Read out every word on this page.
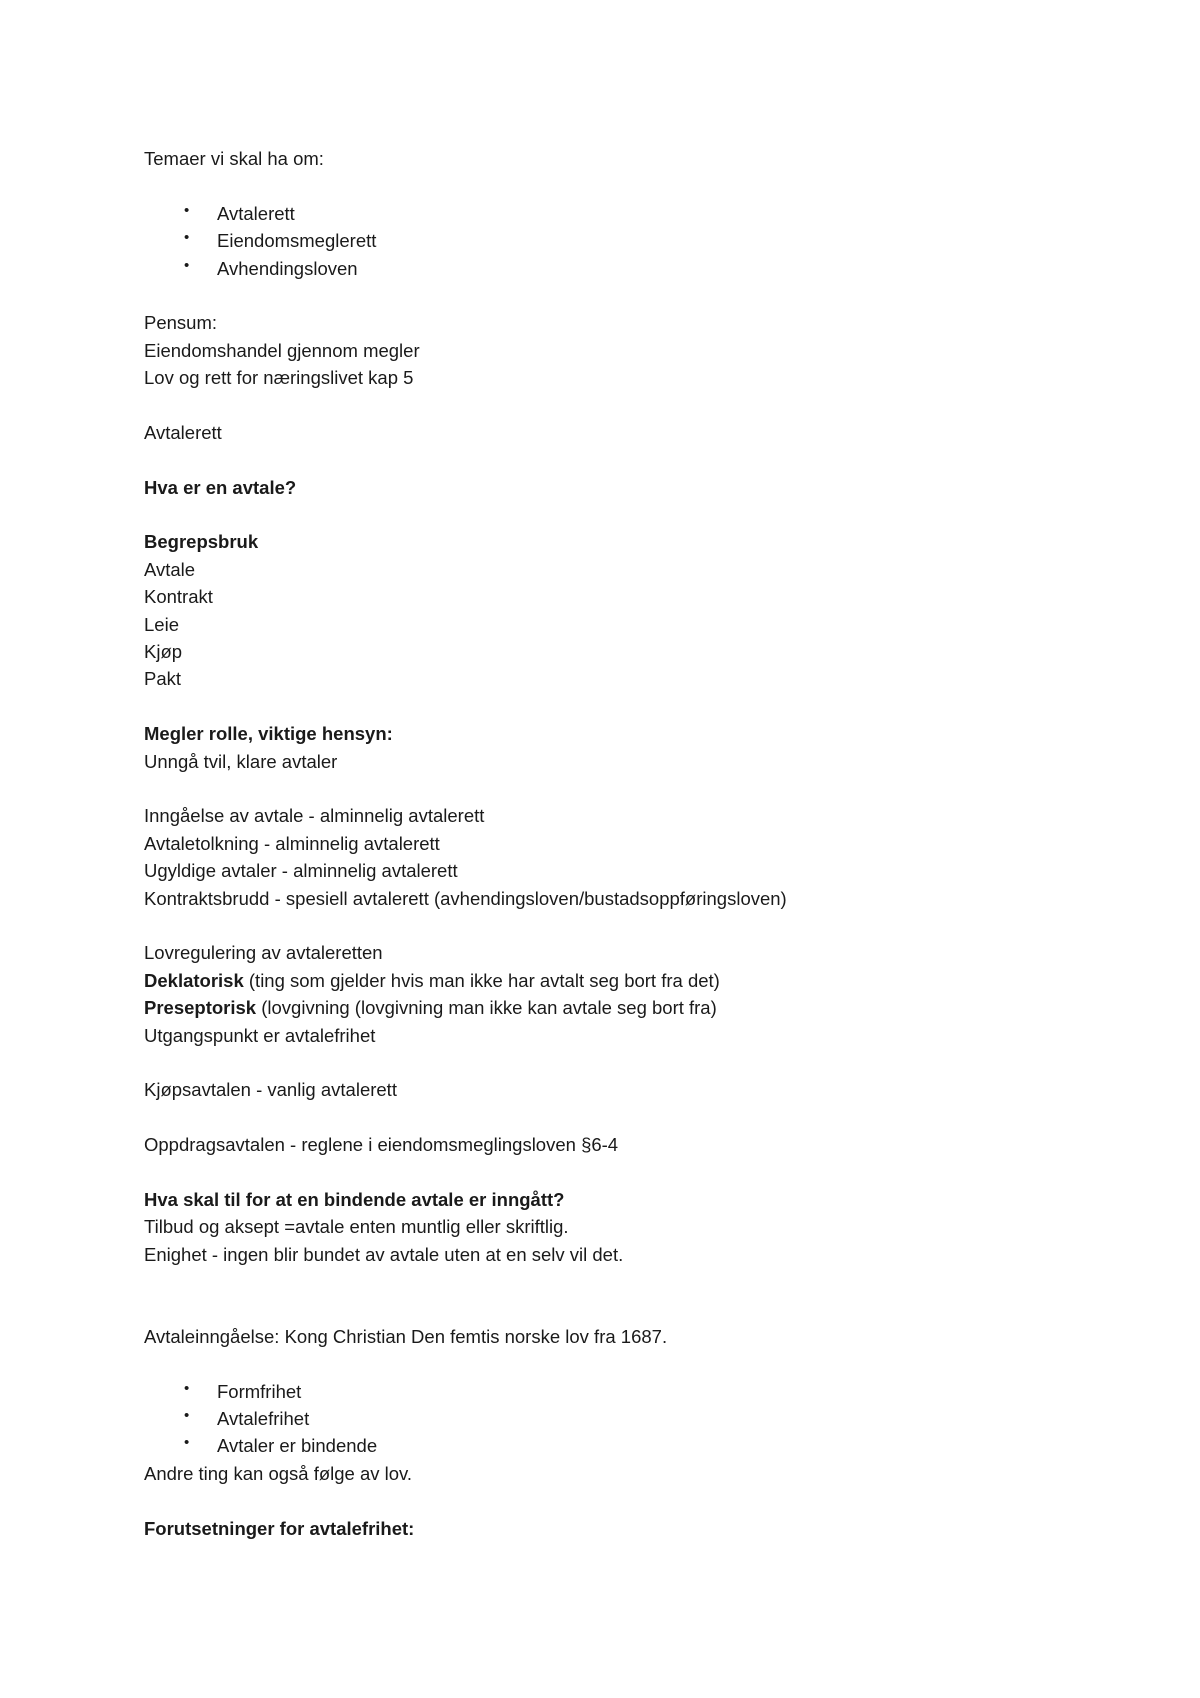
Temaer vi skal ha om:
• Avtalerett
• Eiendomsmeglerett
• Avhendingsloven
Pensum:
Eiendomshandel gjennom megler
Lov og rett for næringslivet kap 5
Avtalerett
Hva er en avtale?
Begrepsbruk
Avtale
Kontrakt
Leie
Kjøp
Pakt
Megler rolle, viktige hensyn:
Unngå tvil, klare avtaler
Inngåelse av avtale - alminnelig avtalerett
Avtaletolkning - alminnelig avtalerett
Ugyldige avtaler - alminnelig avtalerett
Kontraktsbrudd - spesiell avtalerett (avhendingsloven/bustadsoppføringsloven)
Lovregulering av avtaleretten
Deklatorisk (ting som gjelder hvis man ikke har avtalt seg bort fra det)
Preseptorisk (lovgivning (lovgivning man ikke kan avtale seg bort fra)
Utgangspunkt er avtalefrihet
Kjøpsavtalen - vanlig avtalerett
Oppdragsavtalen - reglene i eiendomsmeglingsloven §6-4
Hva skal til for at en bindende avtale er inngått?
Tilbud og aksept =avtale enten muntlig eller skriftlig.
Enighet - ingen blir bundet av avtale uten at en selv vil det.
Avtaleinngåelse: Kong Christian Den femtis norske lov fra 1687.
• Formfrihet
• Avtalefrihet
• Avtaler er bindende
Andre ting kan også følge av lov.
Forutsetninger for avtalefrihet:
